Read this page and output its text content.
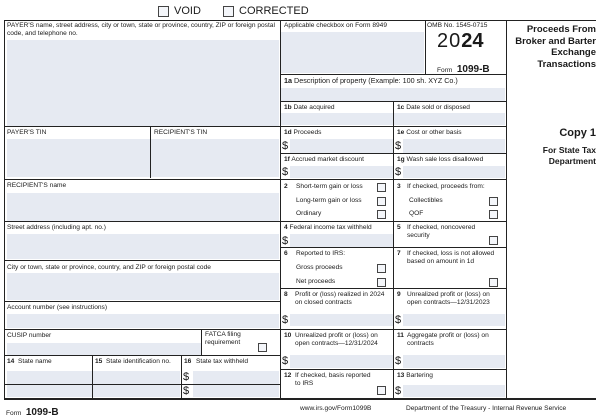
VOID	CORRECTED
PAYER'S name, street address, city or town, state or province, country, ZIP or foreign postal code, and telephone no.
PAYER'S TIN	RECIPIENT'S TIN
RECIPIENT'S name
Street address (including apt. no.)
City or town, state or province, country, and ZIP or foreign postal code
Account number (see instructions)
CUSIP number	FATCA filing requirement
14 State name	15 State identification no. 16 State tax withheld
$
$
Applicable checkbox on Form 8949	OMB No. 1545-0715
2024
Form 1099-B
Proceeds From Broker and Barter Exchange Transactions
Copy 1
For State Tax Department
1a Description of property (Example: 100 sh. XYZ Co.)
1b Date acquired	1c Date sold or disposed
1d Proceeds
$
1e Cost or other basis
$
1f Accrued market discount
$
1g Wash sale loss disallowed
$
2 Short-term gain or loss
Long-term gain or loss
Ordinary
3 If checked, proceeds from:
Collectibles
QOF
4 Federal income tax withheld
$
5 If checked, noncovered security
6 Reported to IRS:
Gross proceeds
Net proceeds
7 If checked, loss is not allowed based on amount in 1d
8 Profit or (loss) realized in 2024 on closed contracts
$
9 Unrealized profit or (loss) on open contracts—12/31/2023
$
10 Unrealized profit or (loss) on open contracts—12/31/2024
$
11 Aggregate profit or (loss) on contracts
$
12 If checked, basis reported to IRS
13 Bartering
$
Form 1099-B	www.irs.gov/Form1099B	Department of the Treasury - Internal Revenue Service
